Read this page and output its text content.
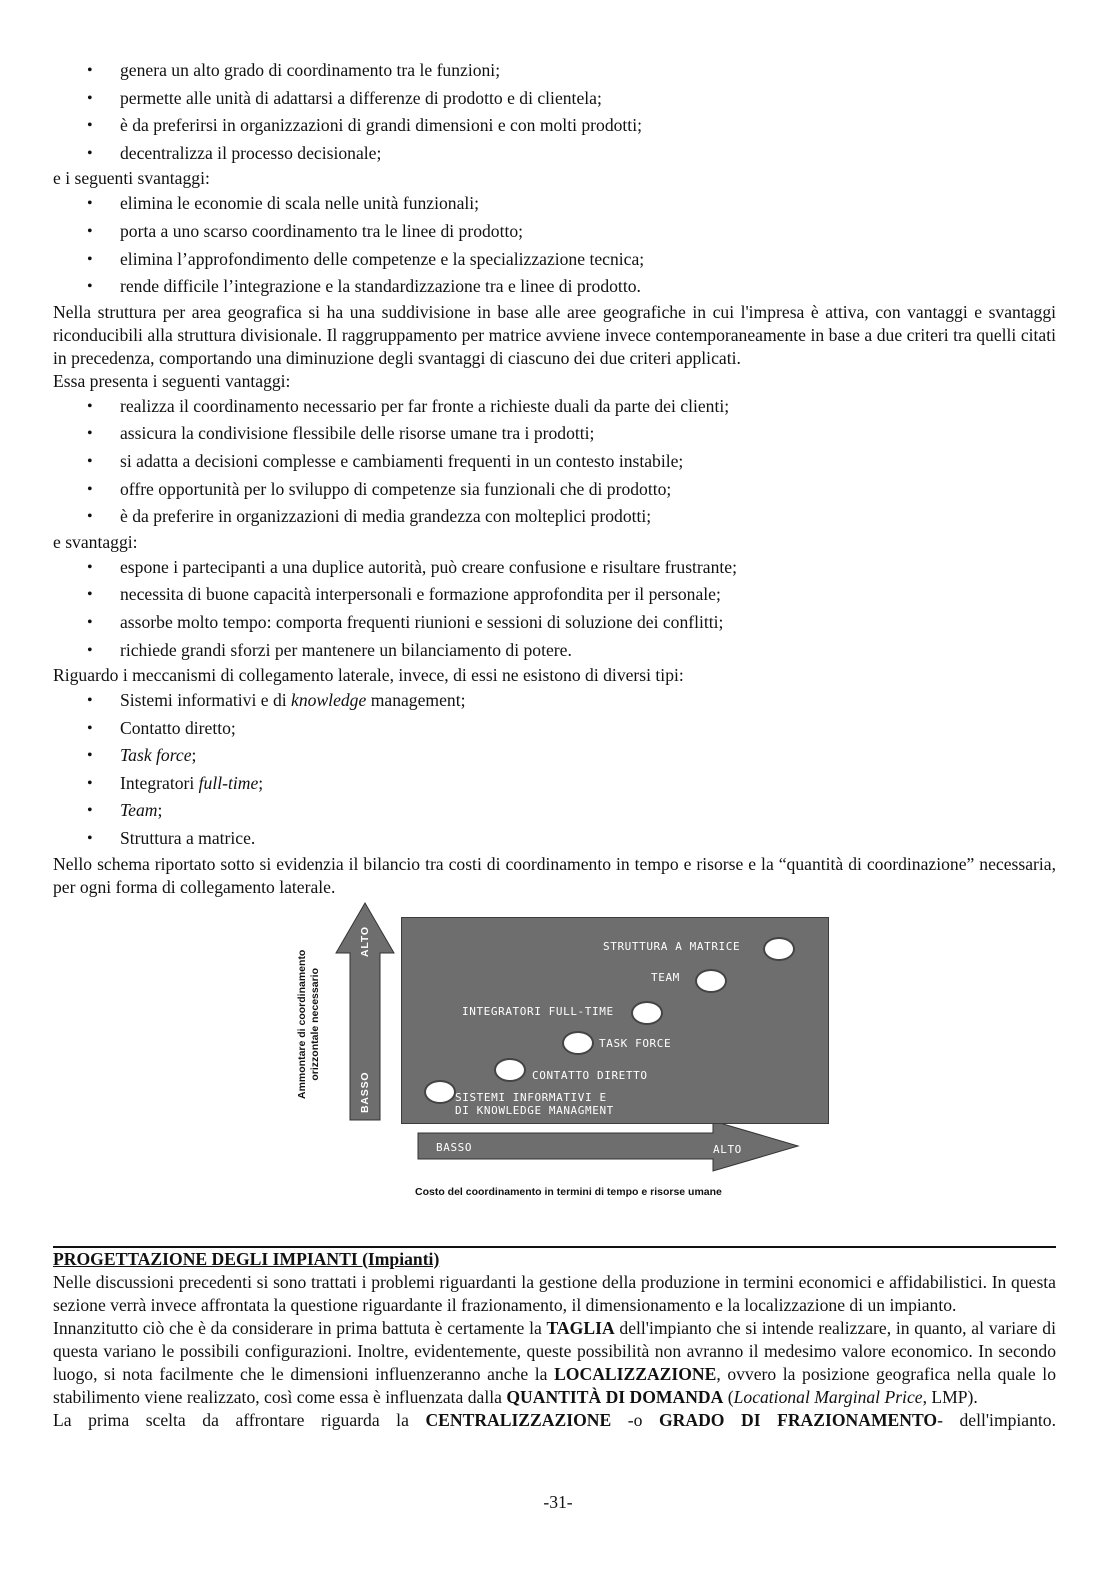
• genera un alto grado di coordinamento tra le funzioni;
• permette alle unità di adattarsi a differenze di prodotto e di clientela;
• è da preferirsi in organizzazioni di grandi dimensioni e con molti prodotti;
• decentralizza il processo decisionale;
e i seguenti svantaggi:
• elimina le economie di scala nelle unità funzionali;
• porta a uno scarso coordinamento tra le linee di prodotto;
• elimina l’approfondimento delle competenze e la specializzazione tecnica;
• rende difficile l’integrazione e la standardizzazione tra e linee di prodotto.
Nella struttura per area geografica si ha una suddivisione in base alle aree geografiche in cui l'impresa è attiva, con vantaggi e svantaggi riconducibili alla struttura divisionale. Il raggruppamento per matrice avviene invece contemporaneamente in base a due criteri tra quelli citati in precedenza, comportando una diminuzione degli svantaggi di ciascuno dei due criteri applicati.
Essa presenta i seguenti vantaggi:
• realizza il coordinamento necessario per far fronte a richieste duali da parte dei clienti;
• assicura la condivisione flessibile delle risorse umane tra i prodotti;
• si adatta a decisioni complesse e cambiamenti frequenti in un contesto instabile;
• offre opportunità per lo sviluppo di competenze sia funzionali che di prodotto;
• è da preferire in organizzazioni di media grandezza con molteplici prodotti;
e svantaggi:
• espone i partecipanti a una duplice autorità, può creare confusione e risultare frustrante;
• necessita di buone capacità interpersonali e formazione approfondita per il personale;
• assorbe molto tempo: comporta frequenti riunioni e sessioni di soluzione dei conflitti;
• richiede grandi sforzi per mantenere un bilanciamento di potere.
Riguardo i meccanismi di collegamento laterale, invece, di essi ne esistono di diversi tipi:
• Sistemi informativi e di knowledge management;
• Contatto diretto;
• Task force;
• Integratori full-time;
• Team;
• Struttura a matrice.
Nello schema riportato sotto si evidenzia il bilancio tra costi di coordinamento in tempo e risorse e la “quantità di coordinazione” necessaria, per ogni forma di collegamento laterale.
Ammontare di coordinamento orizzontale necessario
ALTO
BASSO
BASSO	ALTO
Costo del coordinamento in termini di tempo e risorse umane
STRUTTURA A MATRICE
TEAM
INTEGRATORI FULL-TIME
TASK FORCE
CONTATTO DIRETTO
SISTEMI INFORMATIVI E
DI KNOWLEDGE MANAGMENT
PROGETTAZIONE DEGLI IMPIANTI (Impianti)
Nelle discussioni precedenti si sono trattati i problemi riguardanti la gestione della produzione in termini economici e affidabilistici. In questa sezione verrà invece affrontata la questione riguardante il frazionamento, il dimensionamento e la localizzazione di un impianto.
Innanzitutto ciò che è da considerare in prima battuta è certamente la TAGLIA dell'impianto che si intende realizzare, in quanto, al variare di questa variano le possibili configurazioni. Inoltre, evidentemente, queste possibilità non avranno il medesimo valore economico. In secondo luogo, si nota facilmente che le dimensioni influenzeranno anche la LOCALIZZAZIONE, ovvero la posizione geografica nella quale lo stabilimento viene realizzato, così come essa è influenzata dalla QUANTITÀ DI DOMANDA (Locational Marginal Price, LMP).
La prima scelta da affrontare riguarda la CENTRALIZZAZIONE -o GRADO DI FRAZIONAMENTO- dell'impianto.
-31-
